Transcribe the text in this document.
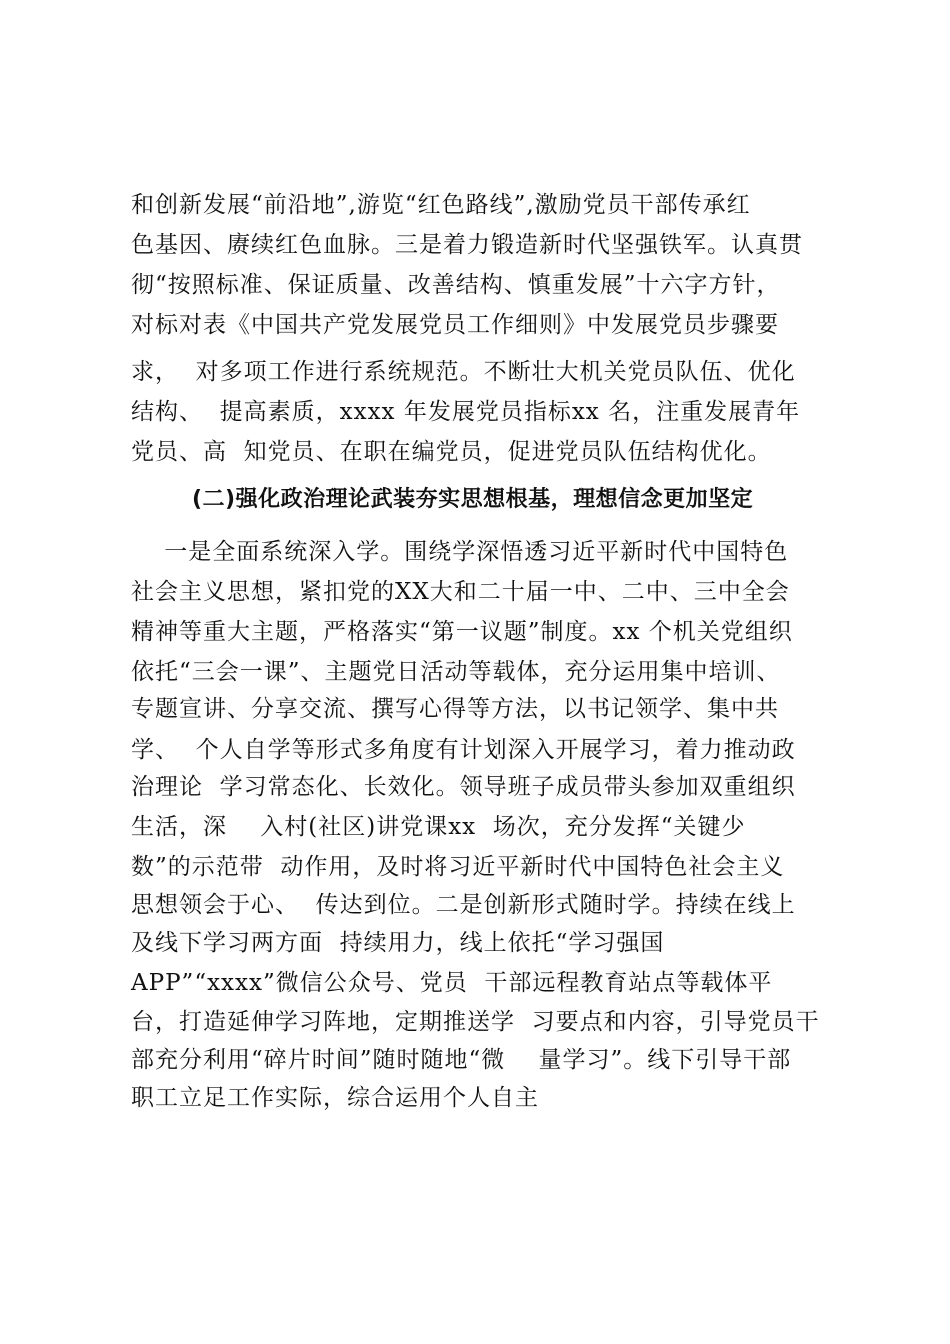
和创新发展“前沿地”,游览“红色路线”,激励党员干部传承红
色基因、赓续红色血脉。三是着力锻造新时代坚强铁军。认真贯
彻“按照标准、保证质量、改善结构、慎重发展”十六字方针，
对标对表《中国共产党发展党员工作细则》中发展党员步骤要
求，  对多项工作进行系统规范。不断壮大机关党员队伍、优化
结构、  提高素质，xxxx 年发展党员指标xx 名，注重发展青年
党员、高  知党员、在职在编党员，促进党员队伍结构优化。
(二)强化政治理论武装夯实思想根基，理想信念更加坚定
一是全面系统深入学。围绕学深悟透习近平新时代中国特色
社会主义思想，紧扣党的XX大和二十届一中、二中、三中全会
精神等重大主题，严格落实“第一议题”制度。xx 个机关党组织
依托“三会一课”、主题党日活动等载体，充分运用集中培训、
专题宣讲、分享交流、撰写心得等方法，以书记领学、集中共
学、  个人自学等形式多角度有计划深入开展学习，着力推动政
治理论  学习常态化、长效化。领导班子成员带头参加双重组织
生活，深    入村(社区)讲党课xx  场次，充分发挥“关键少
数”的示范带  动作用，及时将习近平新时代中国特色社会主义
思想领会于心、  传达到位。二是创新形式随时学。持续在线上
及线下学习两方面  持续用力，线上依托“学习强国
APP”“xxxx”微信公众号、党员  干部远程教育站点等载体平
台，打造延伸学习阵地，定期推送学  习要点和内容，引导党员干
部充分利用“碎片时间”随时随地“微    量学习”。线下引导干部
职工立足工作实际，综合运用个人自主
